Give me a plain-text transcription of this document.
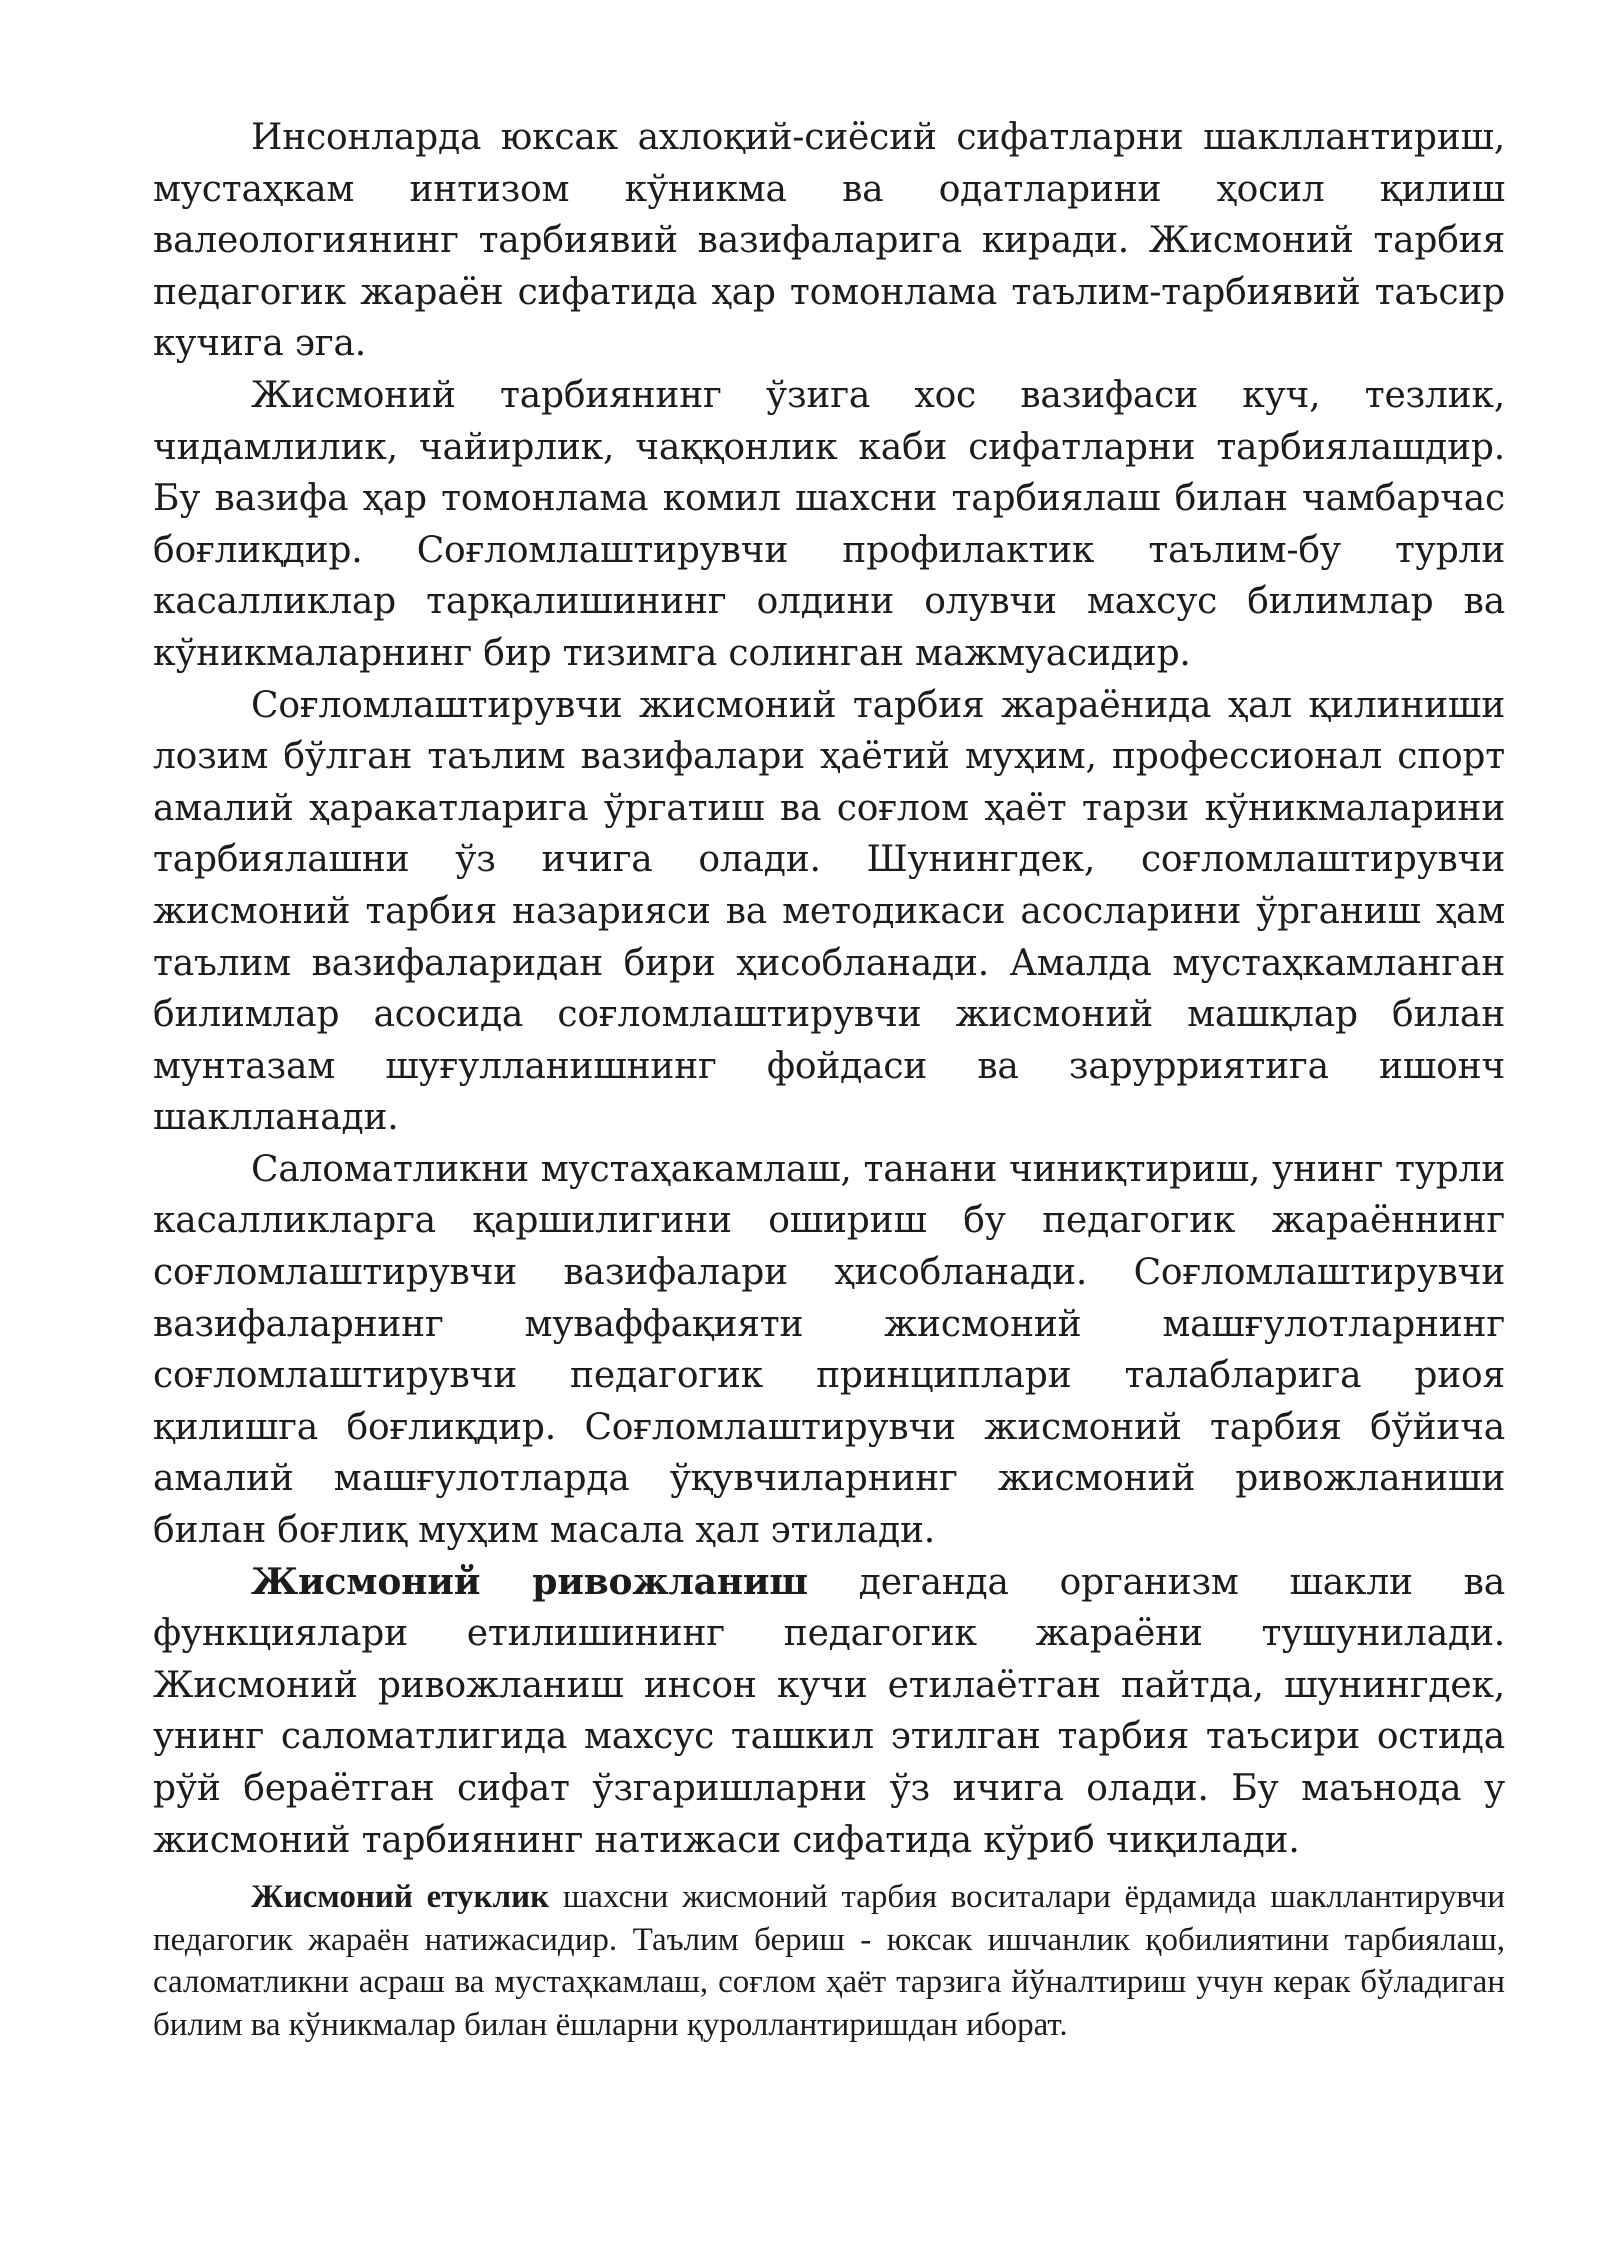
Инсонларда юксак ахлоқий-сиёсий сифатларни шакллантириш, мустаҳкам интизом кўникма ва одатларини ҳосил қилиш валеологиянинг тарбиявий вазифаларига киради. Жисмоний тарбия педагогик жараён сифатида ҳар томонлама таълим-тарбиявий таъсир кучига эга.

Жисмоний тарбиянинг ўзига хос вазифаси куч, тезлик, чидамлилик, чайирлик, чаққонлик каби сифатларни тарбиялашдир. Бу вазифа ҳар томонлама комил шахсни тарбиялаш билан чамбарчас боғлиқдир. Соғломлаштирувчи профилактик таълим-бу турли касалликлар тарқалишининг олдини олувчи махсус билимлар ва кўникмаларнинг бир тизимга солинган мажмуасидир.

Соғломлаштирувчи жисмоний тарбия жараёнида ҳал қилиниши лозим бўлган таълим вазифалари ҳаётий муҳим, профессионал спорт амалий ҳаракатларига ўргатиш ва соғлом ҳаёт тарзи кўникмаларини тарбиялашни ўз ичига олади. Шунингдек, соғломлаштирувчи жисмоний тарбия назарияси ва методикаси асосларини ўрганиш ҳам таълим вазифаларидан бири ҳисобланади. Амалда мустаҳкамланган билимлар асосида соғломлаштирувчи жисмоний машқлар билан мунтазам шуғулланишнинг фойдаси ва зарурриятига ишонч шаклланади.

Саломатликни мустаҳакамлаш, танани чиниқтириш, унинг турли касалликларга қаршилигини ошириш бу педагогик жараённинг соғломлаштирувчи вазифалари ҳисобланади. Соғломлаштирувчи вазифаларнинг муваффақияти жисмоний машғулотларнинг соғломлаштирувчи педагогик принциплари талабларига риоя қилишга боғлиқдир. Соғломлаштирувчи жисмоний тарбия бўйича амалий машғулотларда ўқувчиларнинг жисмоний ривожланиши билан боғлиқ муҳим масала ҳал этилади.

Жисмоний ривожланиш деганда организм шакли ва функциялари етилишининг педагогик жараёни тушунилади. Жисмоний ривожланиш инсон кучи етилаётган пайтда, шунингдек, унинг саломатлигида махсус ташкил этилган тарбия таъсири остида рўй бераётган сифат ўзгаришларни ўз ичига олади. Бу маънода у жисмоний тарбиянинг натижаси сифатида кўриб чиқилади.

Жисмоний етуклик шахсни жисмоний тарбия воситалари ёрдамида шакллантирувчи педагогик жараён натижасидир. Таълим бериш - юксак ишчанлик қобилиятини тарбиялаш, саломатликни асраш ва мустаҳкамлаш, соғлом ҳаёт тарзига йўналтириш учун керак бўладиган билим ва кўникмалар билан ёшларни қуроллантиришдан иборат.
